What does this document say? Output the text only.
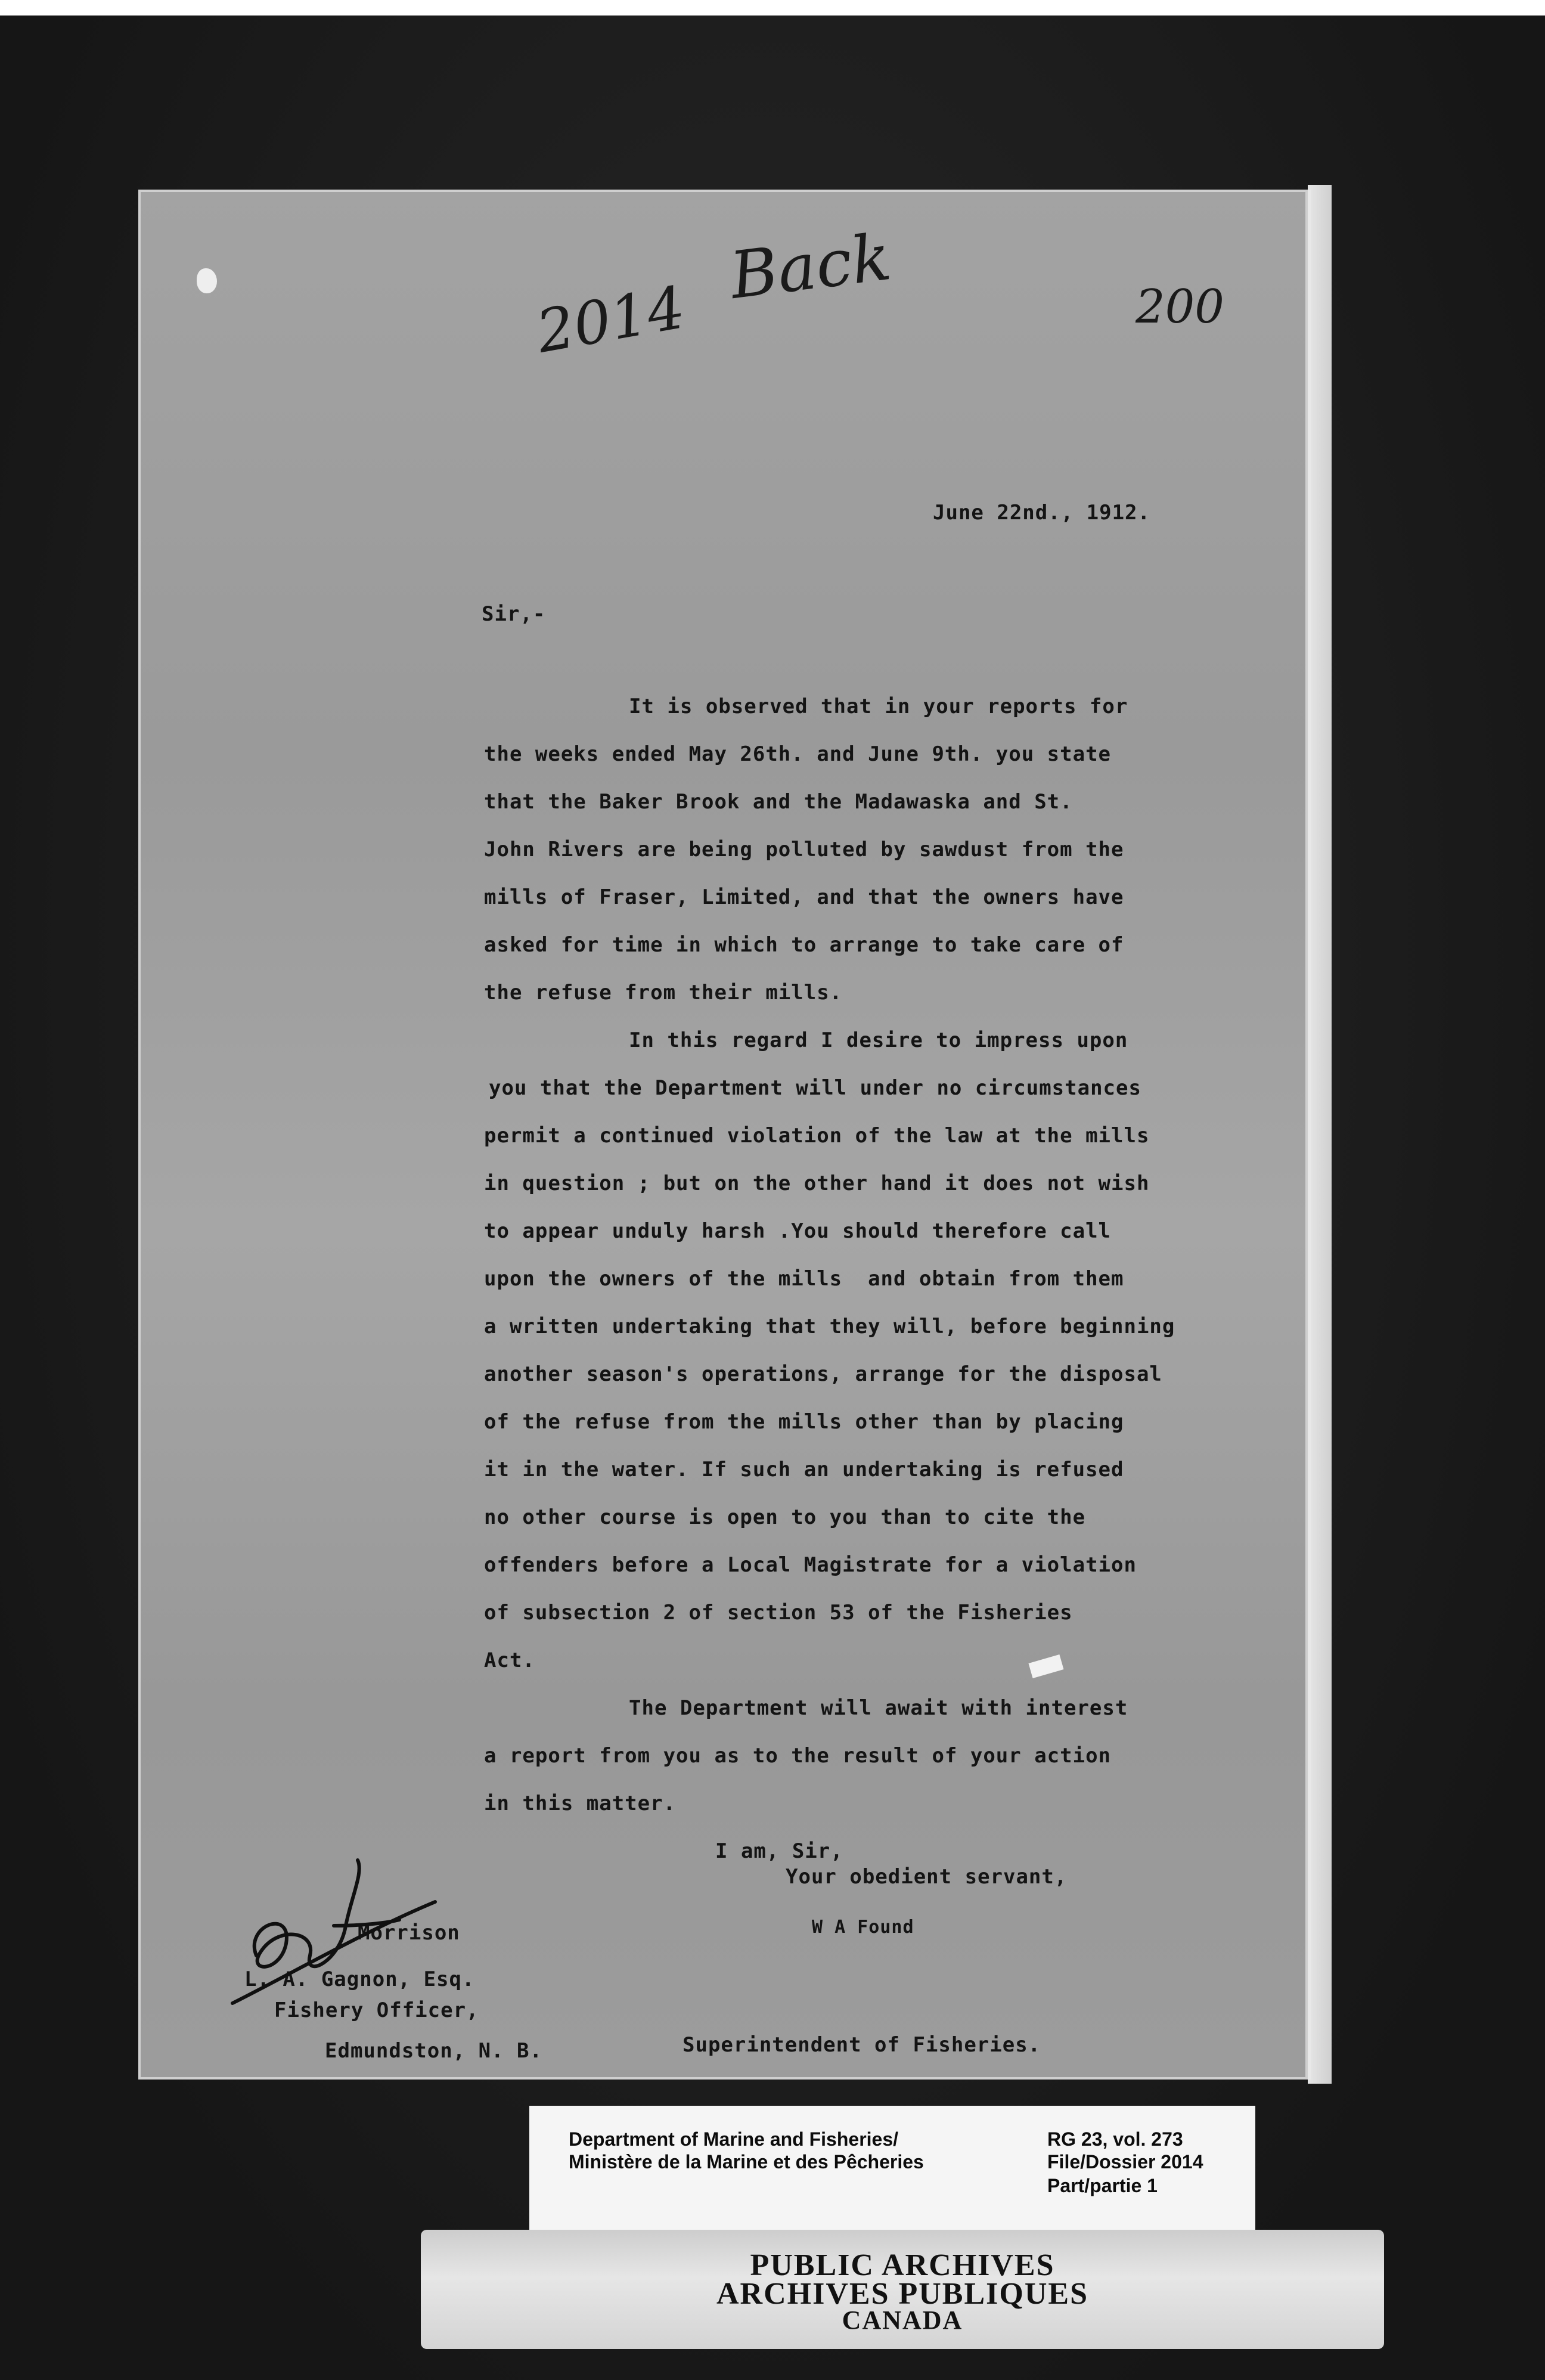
2014
Back	200
June 22nd., 1912.
Sir,-
It is observed that in your reports for
the weeks ended May 26th. and June 9th. you state
that the Baker Brook and the Madawaska and St.
John Rivers are being polluted by sawdust from the
mills of Fraser, Limited, and that the owners have
asked for time in which to arrange to take care of
the refuse from their mills.
In this regard I desire to impress upon
you that the Department will under no circumstances
permit a continued violation of the law at the mills
in question ; but on the other hand it does not wish
to appear unduly harsh .You should therefore call
upon the owners of the mills  and obtain from them
a written undertaking that they will, before beginning
another season's operations, arrange for the disposal
of the refuse from the mills other than by placing
it in the water. If such an undertaking is refused
no other course is open to you than to cite the
offenders before a Local Magistrate for a violation
of subsection 2 of section 53 of the Fisheries
Act.
The Department will await with interest
a report from you as to the result of your action
in this matter.
I am, Sir,
Your obedient servant,
W A Found
Superintendent of Fisheries.
Morrison
L. A. Gagnon, Esq.
Fishery Officer,
Edmundston, N. B.
Department of Marine and Fisheries/
Ministère de la Marine et des Pêcheries
RG 23, vol. 273
File/Dossier 2014
Part/partie 1
PUBLIC ARCHIVES
ARCHIVES PUBLIQUES
CANADA
